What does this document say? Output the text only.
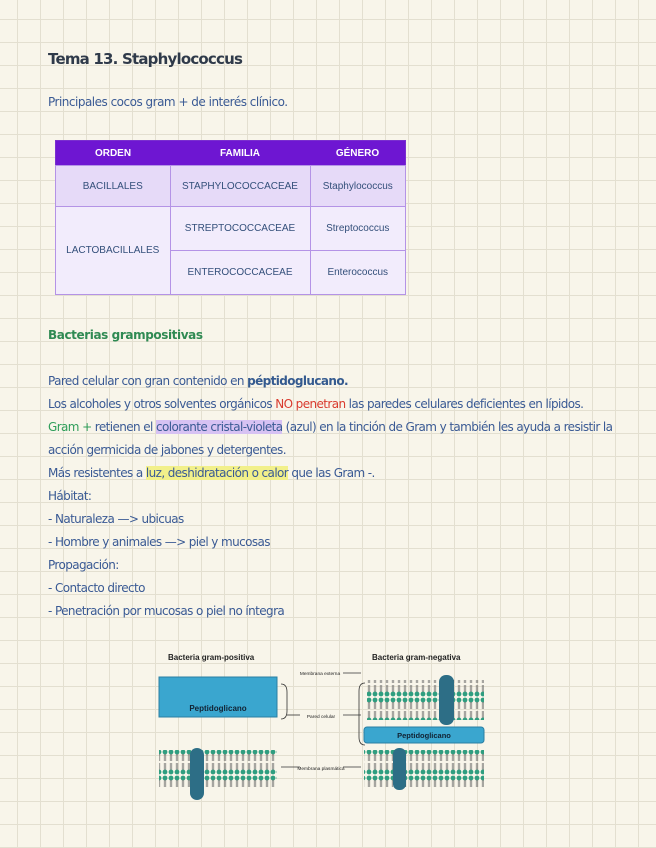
Tema 13. Staphylococcus
Principales cocos gram + de interés clínico.
ORDEN	FAMILIA	GÉNERO
BACILLALES	STAPHYLOCOCCACEAE	Staphylococcus
LACTOBACILLALES	STREPTOCOCCACEAE	Streptococcus
	ENTEROCOCCACEAE	Enterococcus
Bacterias grampositivas
Pared celular con gran contenido en péptidoglucano.
Los alcoholes y otros solventes orgánicos NO penetran las paredes celulares deficientes en lípidos.
Gram + retienen el colorante cristal-violeta (azul) en la tinción de Gram y también les ayuda a resistir la
acción germicida de jabones y detergentes.
Más resistentes a luz, deshidratación o calor que las Gram -.
Hábitat:
- Naturaleza —> ubicuas
- Hombre y animales —> piel y mucosas
Propagación:
- Contacto directo
- Penetración por mucosas o piel no íntegra
Bacteria gram-positiva	Bacteria gram-negativa
Peptidoglicano
Membrana externa
Pared celular
Membrana plasmática
Peptidoglicano
